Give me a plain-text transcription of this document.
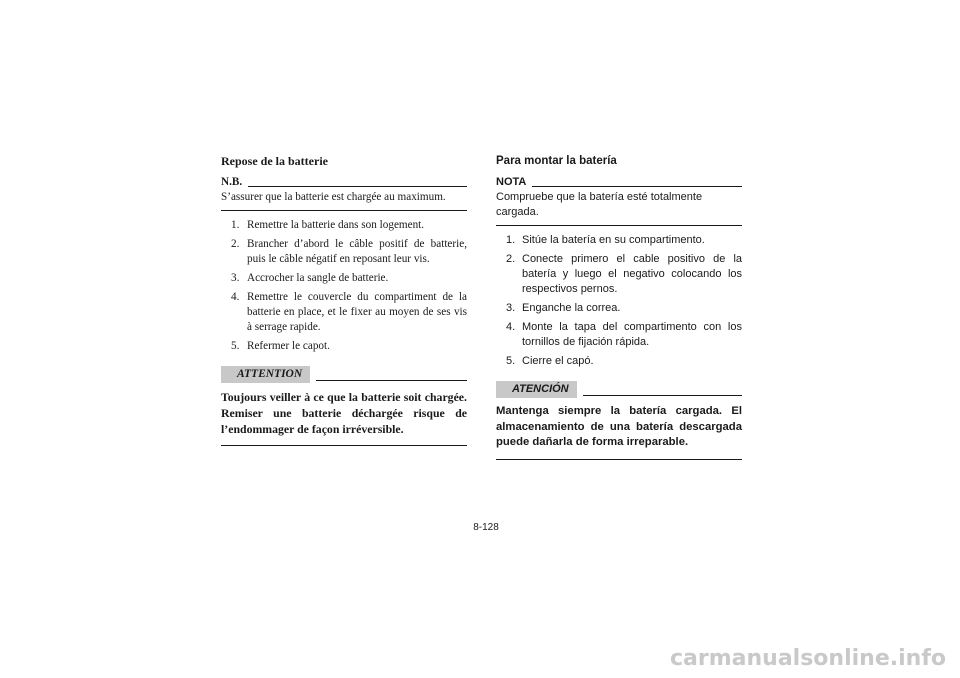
Repose de la batterie
N.B.

S’assurer que la batterie est chargée au maximum.

1. Remettre la batterie dans son logement.
2. Brancher d’abord le câble positif de batterie, puis le câble négatif en reposant leur vis.
3. Accrocher la sangle de batterie.
4. Remettre le couvercle du compartiment de la batterie en place, et le fixer au moyen de ses vis à serrage rapide.
5. Refermer le capot.
ATTENTION

Toujours veiller à ce que la batterie soit chargée. Remiser une batterie déchargée risque de l’endommager de façon irréversible.

Para montar la batería
NOTA

Compruebe que la batería esté totalmente cargada.

1. Sitúe la batería en su compartimento.
2. Conecte primero el cable positivo de la batería y luego el negativo colocando los respectivos pernos.
3. Enganche la correa.
4. Monte la tapa del compartimento con los tornillos de fijación rápida.
5. Cierre el capó.
ATENCIÓN

Mantenga siempre la batería cargada. El almacenamiento de una batería descargada puede dañarla de forma irreparable.

8-128
carmanualsonline.info
